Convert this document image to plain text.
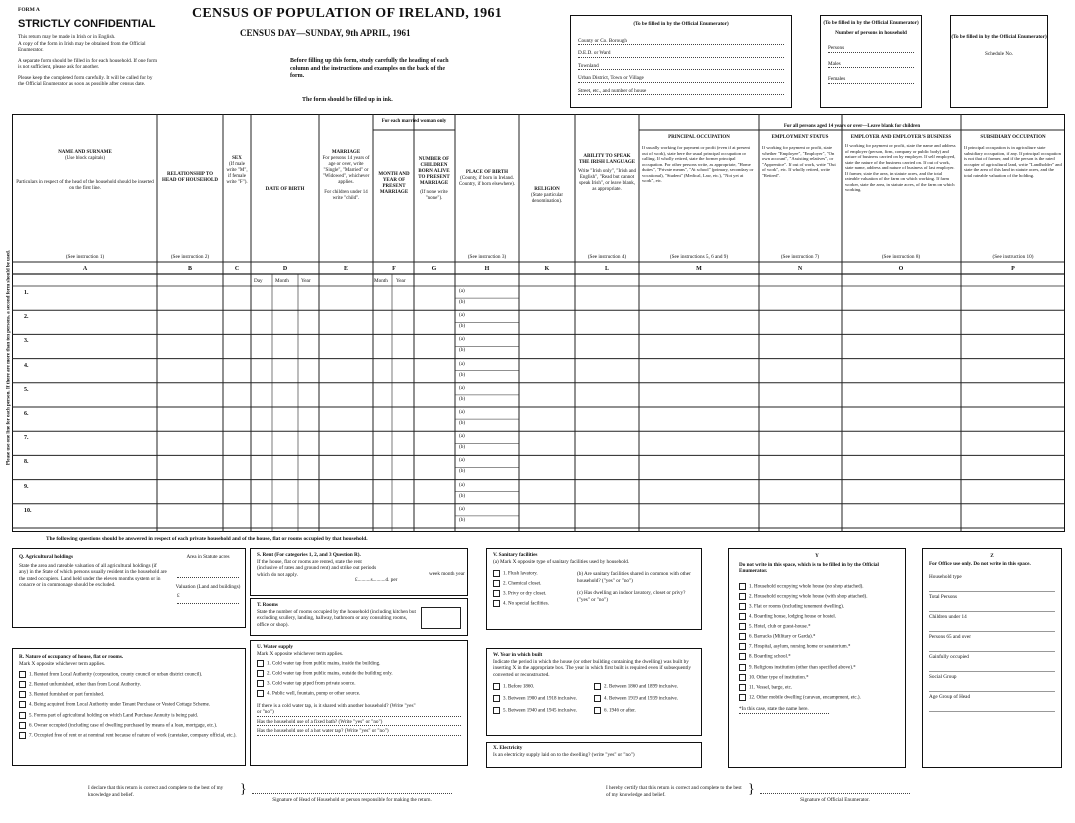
FORM A
STRICTLY CONFIDENTIAL
This return may be made in Irish or in English.
A copy of the form in Irish may be obtained from the Official Enumerator.
A separate form should be filled in for each household. If one form is not sufficient, please ask for another.
Please keep the completed form carefully. It will be called for by the Official Enumerator as soon as possible after census date.
CENSUS OF POPULATION OF IRELAND, 1961
CENSUS DAY—SUNDAY, 9th APRIL, 1961
Before filling up this form, study carefully the heading of each column and the instructions and examples on the back of the form.
The form should be filled up in ink.
(To be filled in by the Official Enumerator)
County or Co. Borough
D.E.D. or Ward
Townland
Urban District, Town or Village
Street, etc., and number of house
(To be filled in by the Official Enumerator)
Number of persons in household
Persons
Males
Females
(To be filled in by the Official Enumerator)
Schedule No.
Please use one line for each person. If there are more than ten persons, a second form should be used.
NAME AND SURNAME
(Use block capitals)
Particulars in respect of the head of the household should be inserted on the first line.
RELATIONSHIP TO HEAD OF HOUSEHOLD
SEX
(If male write "M", if female write "F").
DATE OF BIRTH
MARRIAGE
For persons 14 years of age or over, write "Single", "Married" or "Widowed", whichever applies.
For children under 14 write "child".
For each married woman only
MONTH AND YEAR OF PRESENT MARRIAGE
NUMBER OF CHILDREN BORN ALIVE TO PRESENT MARRIAGE
(If none write "none").
PLACE OF BIRTH
(County, if born in Ireland. Country, if born elsewhere).
RELIGION
(State particular denomination).
ABILITY TO SPEAK THE IRISH LANGUAGE
Write "Irish only", "Irish and English", "Read but cannot speak Irish", or leave blank, as appropriate.
For all persons aged 14 years or over—Leave blank for children
PRINCIPAL OCCUPATION
If usually working for payment or profit (even if at present out of work), state here the usual principal occupation or calling. If wholly retired, state the former principal occupation. For other persons write, as appropriate, "Home duties", "Private means", "At school" (primary, secondary or vocational), "Student" (Medical, Law, etc.), "Not yet at work", etc.
EMPLOYMENT STATUS
If working for payment or profit, state whether "Employee", "Employer", "On own account", "Assisting relatives", or "Apprentice". If out of work, write "Out of work", etc. If wholly retired, write "Retired".
EMPLOYER AND EMPLOYER'S BUSINESS
If working for payment or profit, state the name and address of employer (person, firm, company or public body) and nature of business carried on by employer. If self employed, state the nature of the business carried on. If out of work, state name, address and nature of business of last employer. If farmer, state the area, in statute acres, and the total rateable valuation of the farm on which working. If farm worker, state the area, in statute acres, of the farm on which working.
SUBSIDIARY OCCUPATION
If principal occupation is in agriculture state subsidiary occupation, if any. If principal occupation is not that of farmer, and if the person is the rated occupier of agricultural land, write "Landholder" and state the area of this land in statute acres, and the total rateable valuation of the holding.
(See instruction 1)	(See instruction 2)	(See instruction 3)	(See instruction 4)	(See instructions 5, 6 and 9)	(See instruction 7)	(See instruction 8)	(See instruction 10)
A	B	C	D	E	F	G	H	K	L	M	N	O	P
Day Month Year	Month Year
1.	(a)
(b)
2.	(a)
(b)
3.	(a)
(b)
4.	(a)
(b)
5.	(a)
(b)
6.	(a)
(b)
7.	(a)
(b)
8.	(a)
(b)
9.	(a)
(b)
10.	(a)
(b)
The following questions should be answered in respect of each private household and of the house, flat or rooms occupied by that household.
Q. Agricultural holdings
State the area and rateable valuation of all agricultural holdings (if any) in the State of which persons usually resident in the household are the rated occupiers. Land held under the eleven months system or in conacre or in commonage should be excluded.
Area in Statute acres
Valuation (Land and buildings)
£
R. Nature of occupancy of house, flat or rooms.
Mark X opposite whichever term applies.
1. Rented from Local Authority (corporation, county council or urban district council).
2. Rented unfurnished, other than from Local Authority.
3. Rented furnished or part furnished.
4. Being acquired from Local Authority under Tenant Purchase or Vested Cottage Scheme.
5. Forms part of agricultural holding on which Land Purchase Annuity is being paid.
6. Owner occupied (including case of dwelling purchased by means of a loan, mortgage, etc.).
7. Occupied free of rent or at nominal rent because of nature of work (caretaker, company official, etc.).
S. Rent (For categories 1, 2, and 3 Question R).
If the house, flat or rooms are rented, state the rent (inclusive of rates and ground rent) and strike out periods which do not apply.
£..........s..........d. per
week month year
T. Rooms
State the number of rooms occupied by the household (including kitchen but excluding scullery, landing, hallway, bathroom or any consulting rooms, office or shop).
U. Water supply
Mark X opposite whichever term applies.
1. Cold water tap from public mains, inside the building.
2. Cold water tap from public mains, outside the building only.
3. Cold water tap piped from private source.
4. Public well, fountain, pump or other source.
If there is a cold water tap, is it shared with another household? (Write "yes" or "no")
Has the household use of a fixed bath? (Write "yes" or "no")
Has the household use of a hot water tap? (Write "yes" or "no")
V. Sanitary facilities
(a) Mark X opposite type of sanitary facilities used by household.
1. Flush lavatory.
2. Chemical closet.
3. Privy or dry closet.
4. No special facilities.
(b) Are sanitary facilities shared in common with other household? ("yes" or "no")
(c) Has dwelling an indoor lavatory, closet or privy? ("yes" or "no")
W. Year in which built
Indicate the period in which the house (or other building containing the dwelling) was built by inserting X in the appropriate box. The year in which first built is required even if subsequently converted or reconstructed.
1. Before 1860.	2. Between 1860 and 1899 inclusive.
3. Between 1900 and 1918 inclusive.	4. Between 1919 and 1939 inclusive.
5. Between 1940 and 1945 inclusive.	6. 1946 or after.
X. Electricity
Is an electricity supply laid on to the dwelling? (write "yes" or "no")
Y
Do not write in this space, which is to be filled in by the Official Enumerator.
1. Household occupying whole house (no shop attached).
2. Household occupying whole house (with shop attached).
3. Flat or rooms (including tenement dwelling).
4. Boarding house, lodging house or hostel.
5. Hotel, club or guest-house.*
6. Barracks (Military or Garda).*
7. Hospital, asylum, nursing home or sanatorium.*
8. Boarding school.*
9. Religious institution (other than specified above).*
10. Other type of institution.*
11. Vessel, barge, etc.
12. Other mobile dwelling (caravan, encampment, etc.).
*In this case, state the name here.
Z
For Office use only. Do not write in this space.
Household type
Total Persons
Children under 14
Persons 65 and over
Gainfully occupied
Social Group
Age Group of Head
I declare that this return is correct and complete to the best of my knowledge and belief.	}
Signature of Head of Household or person responsible for making the return.
I hereby certify that this return is correct and complete to the best of my knowledge and belief.	}
Signature of Official Enumerator.
